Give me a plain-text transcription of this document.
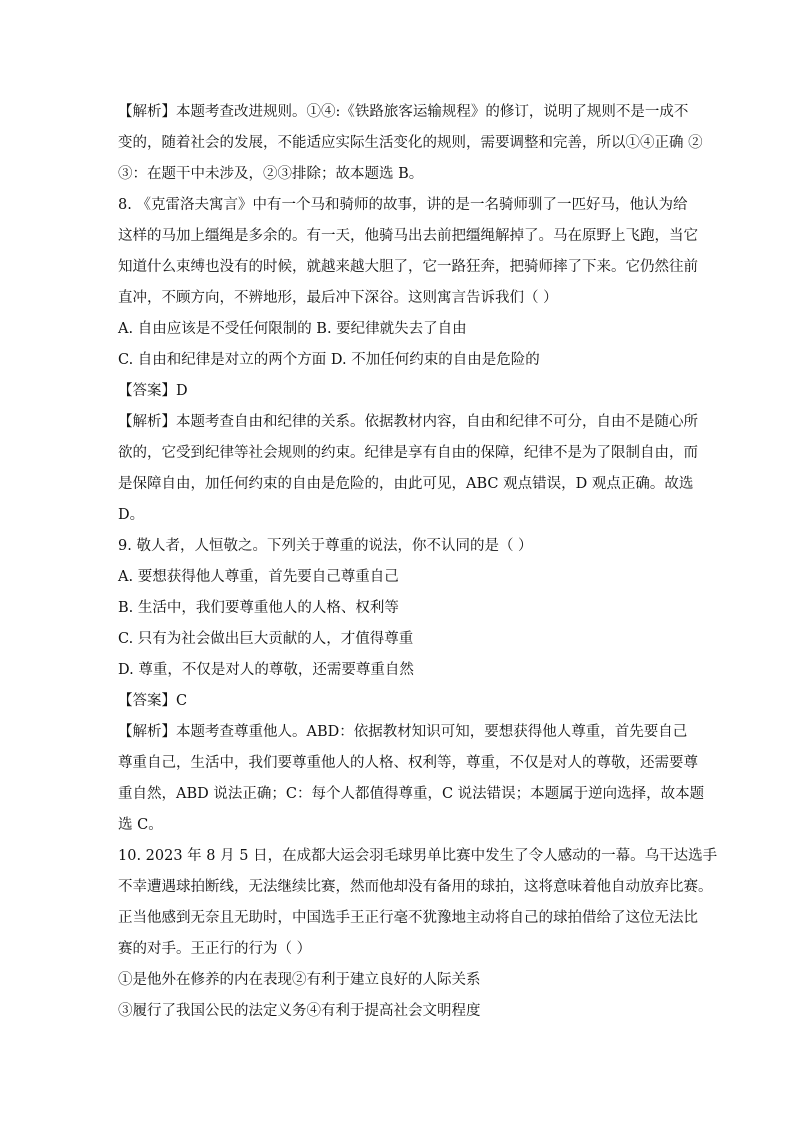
【解析】本题考查改进规则。①④:《铁路旅客运输规程》的修订，说明了规则不是一成不
变的，随着社会的发展，不能适应实际生活变化的规则，需要调整和完善，所以①④正确 ②
③：在题干中未涉及，②③排除；故本题选 B。
8. 《克雷洛夫寓言》中有一个马和骑师的故事，讲的是一名骑师驯了一匹好马，他认为给
这样的马加上缰绳是多余的。有一天，他骑马出去前把缰绳解掉了。马在原野上飞跑，当它
知道什么束缚也没有的时候，就越来越大胆了，它一路狂奔，把骑师摔了下来。它仍然往前
直冲，不顾方向，不辨地形，最后冲下深谷。这则寓言告诉我们（ ）
A. 自由应该是不受任何限制的 B. 要纪律就失去了自由
C. 自由和纪律是对立的两个方面 D. 不加任何约束的自由是危险的
【答案】D
【解析】本题考查自由和纪律的关系。依据教材内容，自由和纪律不可分，自由不是随心所
欲的，它受到纪律等社会规则的约束。纪律是享有自由的保障，纪律不是为了限制自由，而
是保障自由，加任何约束的自由是危险的，由此可见，ABC 观点错误，D 观点正确。故选
D。
9. 敬人者，人恒敬之。下列关于尊重的说法，你不认同的是（ ）
A. 要想获得他人尊重，首先要自己尊重自己
B. 生活中，我们要尊重他人的人格、权利等
C. 只有为社会做出巨大贡献的人，才值得尊重
D. 尊重，不仅是对人的尊敬，还需要尊重自然
【答案】C
【解析】本题考查尊重他人。ABD：依据教材知识可知，要想获得他人尊重，首先要自己
尊重自己，生活中，我们要尊重他人的人格、权利等，尊重，不仅是对人的尊敬，还需要尊
重自然，ABD 说法正确；C：每个人都值得尊重，C 说法错误；本题属于逆向选择，故本题
选 C。
10. 2023 年 8 月 5 日，在成都大运会羽毛球男单比赛中发生了令人感动的一幕。乌干达选手
不幸遭遇球拍断线，无法继续比赛，然而他却没有备用的球拍，这将意味着他自动放弃比赛。
正当他感到无奈且无助时，中国选手王正行毫不犹豫地主动将自己的球拍借给了这位无法比
赛的对手。王正行的行为（ ）
①是他外在修养的内在表现②有利于建立良好的人际关系
③履行了我国公民的法定义务④有利于提高社会文明程度
